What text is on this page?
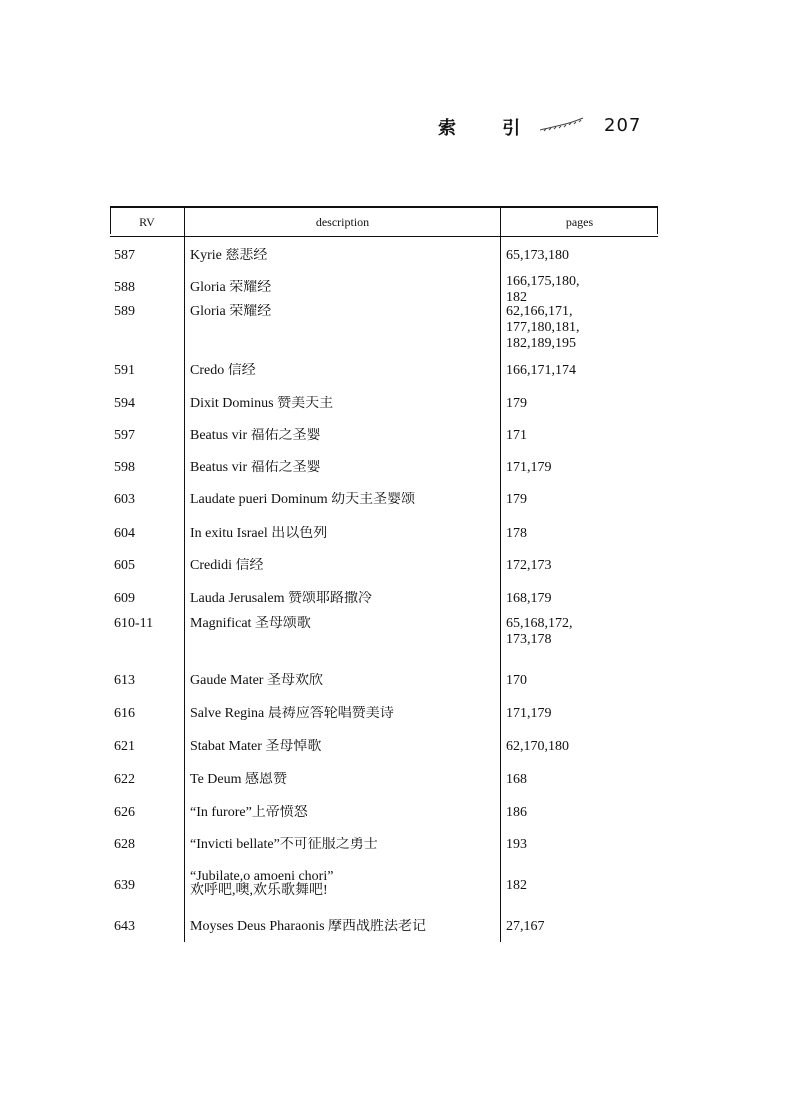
索 引	207
RV	description	pages
587	Kyrie 慈悲经	65,173,180
588	Gloria 荣耀经	166,175,180,
182
589	Gloria 荣耀经	62,166,171,
177,180,181,
182,189,195
591	Credo 信经	166,171,174
594	Dixit Dominus 赞美天主	179
597	Beatus vir 福佑之圣婴	171
598	Beatus vir 福佑之圣婴	171,179
603	Laudate pueri Dominum 幼天主圣婴颂	179
604	In exitu Israel 出以色列	178
605	Credidi 信经	172,173
609	Lauda Jerusalem 赞颂耶路撒冷	168,179
610-11	Magnificat 圣母颂歌	65,168,172,
173,178
613	Gaude Mater 圣母欢欣	170
616	Salve Regina 晨祷应答轮唱赞美诗	171,179
621	Stabat Mater 圣母悼歌	62,170,180
622	Te Deum 感恩赞	168
626	“In furore”上帝愤怒	186
628	“Invicti bellate”不可征服之勇士	193
639
“Jubilate,o amoeni chori”
欢呼吧,噢,欢乐歌舞吧!	182
643	Moyses Deus Pharaonis 摩西战胜法老记	27,167
